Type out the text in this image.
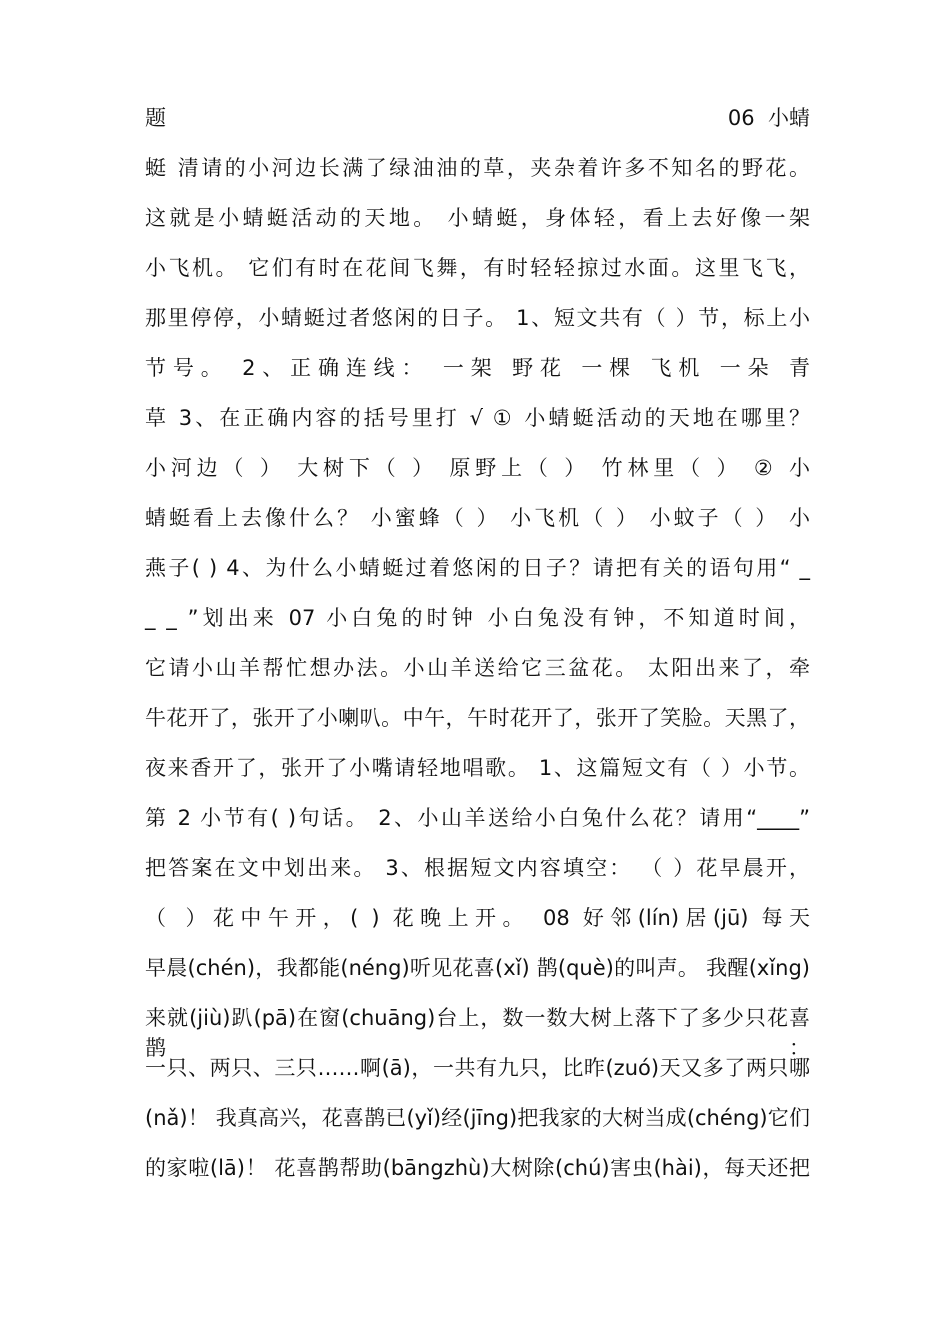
题	06  小蜻
蜓 清请的小河边长满了绿油油的草，夹杂着许多不知名的野花。
这就是小蜻蜓活动的天地。 小蜻蜓，身体轻，看上去好像一架
小飞机。 它们有时在花间飞舞，有时轻轻掠过水面。这里飞飞，
那里停停，小蜻蜓过者悠闲的日子。 1、短文共有（ ）节，标上小
节号。 2、正确连线： 一架 野花 一棵 飞机 一朵 青
草 3、在正确内容的括号里打 √ ① 小蜻蜓活动的天地在哪里？
小河边（ ） 大树下（ ） 原野上（ ） 竹林里（ ） ② 小
蜻蜓看上去像什么？ 小蜜蜂（ ） 小飞机（ ） 小蚊子（ ） 小
燕子( ) 4、为什么小蜻蜓过着悠闲的日子？请把有关的语句用“ _
_ _ ”划出来 07 小白兔的时钟 小白兔没有钟，不知道时间，
它请小山羊帮忙想办法。小山羊送给它三盆花。 太阳出来了，牵
牛花开了，张开了小喇叭。中午，午时花开了，张开了笑脸。天黑了，
夜来香开了，张开了小嘴请轻地唱歌。 1、这篇短文有（ ）小节。
第 2 小节有( )句话。 2、小山羊送给小白兔什么花？请用“____”
把答案在文中划出来。 3、根据短文内容填空： （ ）花早晨开，
（ ）花中午开，( ) 花晚上开。 08 好邻(lín)居(jū) 每天
早晨(chén)，我都能(néng)听见花喜(xǐ) 鹊(què)的叫声。 我醒(xǐng)
来就(jiù)趴(pā)在窗(chuāng)台上，数一数大树上落下了多少只花喜鹊：
一只、两只、三只……啊(ā)，一共有九只，比昨(zuó)天又多了两只哪
(nǎ)！ 我真高兴，花喜鹊已(yǐ)经(jīng)把我家的大树当成(chéng)它们
的家啦(lā)！ 花喜鹊帮助(bāngzhù)大树除(chú)害虫(hài)，每天还把
